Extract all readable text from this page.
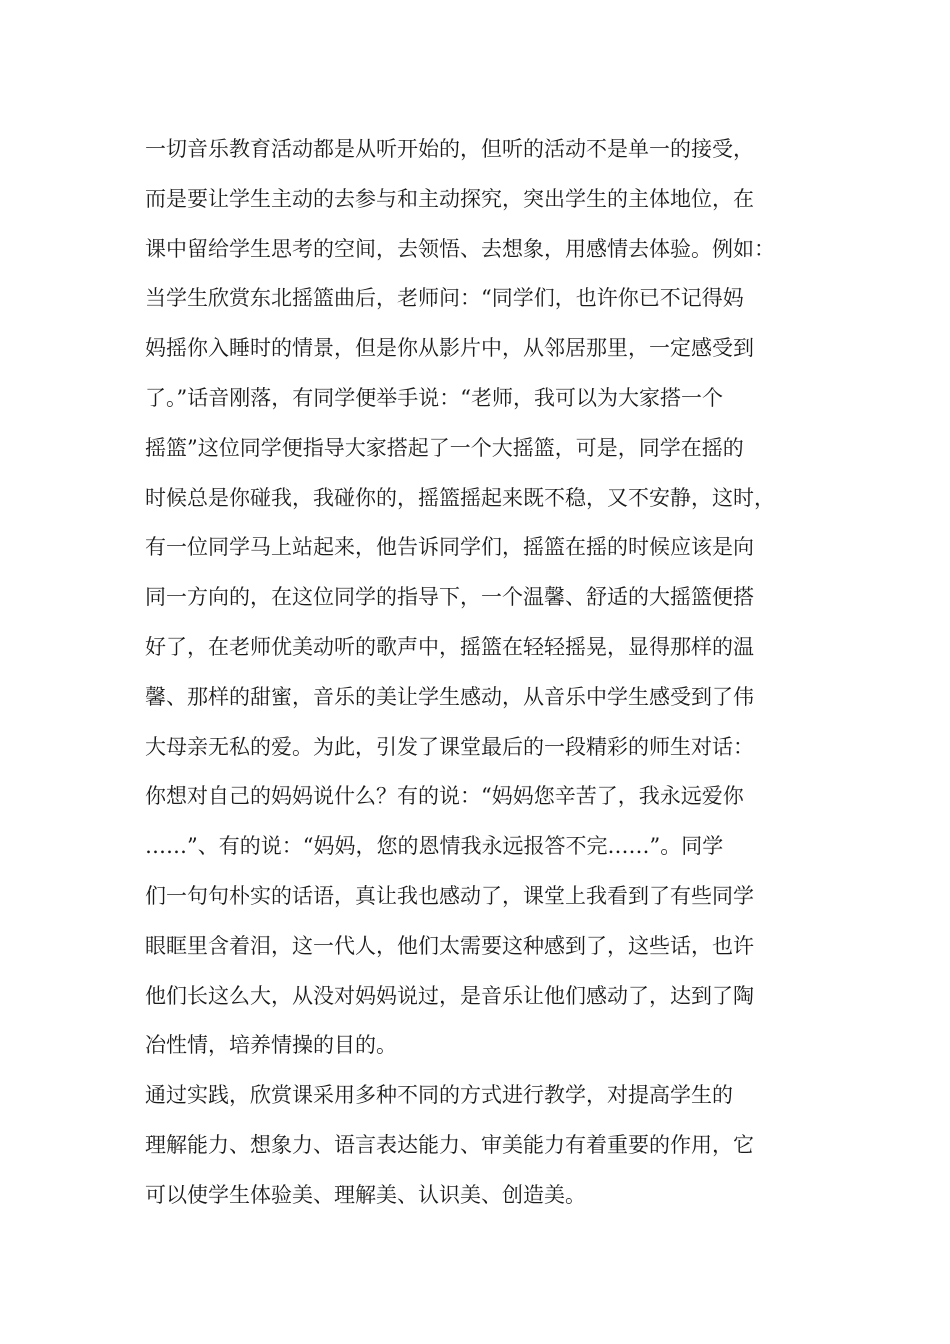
一切音乐教育活动都是从听开始的，但听的活动不是单一的接受，
而是要让学生主动的去参与和主动探究，突出学生的主体地位，在
课中留给学生思考的空间，去领悟、去想象，用感情去体验。例如：
当学生欣赏东北摇篮曲后，老师问：“同学们，也许你已不记得妈
妈摇你入睡时的情景，但是你从影片中，从邻居那里，一定感受到
了。”话音刚落，有同学便举手说：“老师，我可以为大家搭一个
摇篮”这位同学便指导大家搭起了一个大摇篮，可是，同学在摇的
时候总是你碰我，我碰你的，摇篮摇起来既不稳，又不安静，这时，
有一位同学马上站起来，他告诉同学们，摇篮在摇的时候应该是向
同一方向的，在这位同学的指导下，一个温馨、舒适的大摇篮便搭
好了，在老师优美动听的歌声中，摇篮在轻轻摇晃，显得那样的温
馨、那样的甜蜜，音乐的美让学生感动，从音乐中学生感受到了伟
大母亲无私的爱。为此，引发了课堂最后的一段精彩的师生对话：
你想对自己的妈妈说什么？有的说：“妈妈您辛苦了，我永远爱你
……”、有的说：“妈妈，您的恩情我永远报答不完……”。同学
们一句句朴实的话语，真让我也感动了，课堂上我看到了有些同学
眼眶里含着泪，这一代人，他们太需要这种感到了，这些话，也许
他们长这么大，从没对妈妈说过，是音乐让他们感动了，达到了陶
冶性情，培养情操的目的。
通过实践，欣赏课采用多种不同的方式进行教学，对提高学生的
理解能力、想象力、语言表达能力、审美能力有着重要的作用，它
可以使学生体验美、理解美、认识美、创造美。
